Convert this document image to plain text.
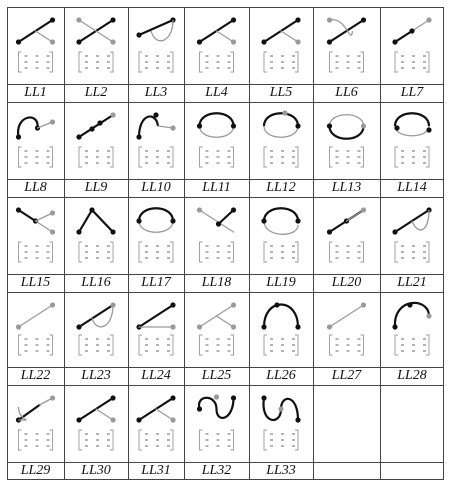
LL1	LL2	LL3	LL4	LL5	LL6	LL7
LL8	LL9	LL10	LL11	LL12	LL13	LL14
LL15	LL16	LL17	LL18	LL19	LL20	LL21
LL22	LL23	LL24	LL25	LL26	LL27	LL28
LL29	LL30	LL31	LL32	LL33
